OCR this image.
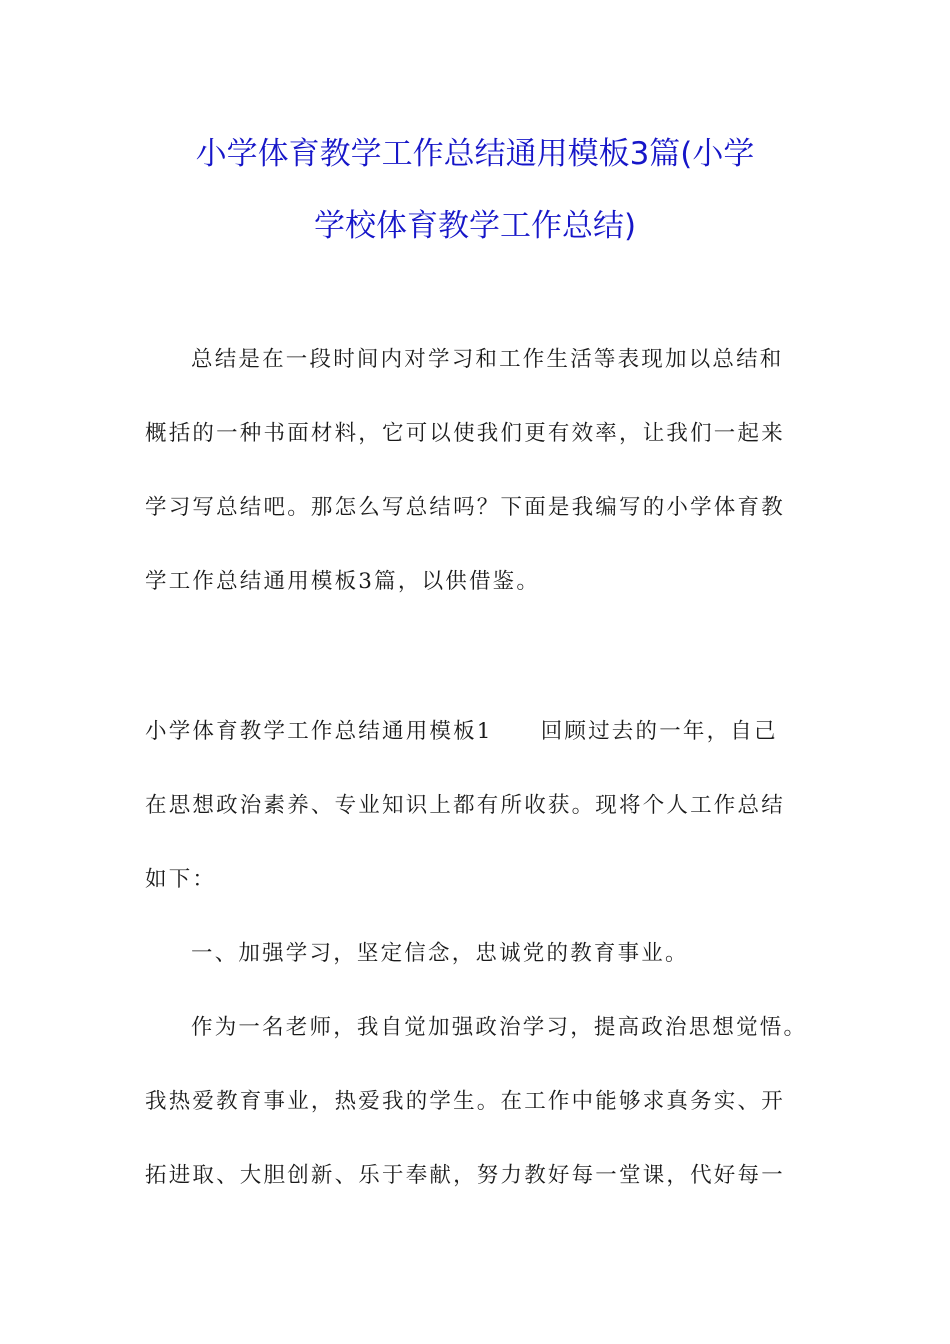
小学体育教学工作总结通用模板3篇(小学
学校体育教学工作总结)
总结是在一段时间内对学习和工作生活等表现加以总结和
概括的一种书面材料，它可以使我们更有效率，让我们一起来
学习写总结吧。那怎么写总结吗？下面是我编写的小学体育教
学工作总结通用模板3篇，以供借鉴。
小学体育教学工作总结通用模板1 回顾过去的一年，自己
在思想政治素养、专业知识上都有所收获。现将个人工作总结
如下：
一、加强学习，坚定信念，忠诚党的教育事业。
作为一名老师，我自觉加强政治学习，提高政治思想觉悟。
我热爱教育事业，热爱我的学生。在工作中能够求真务实、开
拓进取、大胆创新、乐于奉献，努力教好每一堂课，代好每一
